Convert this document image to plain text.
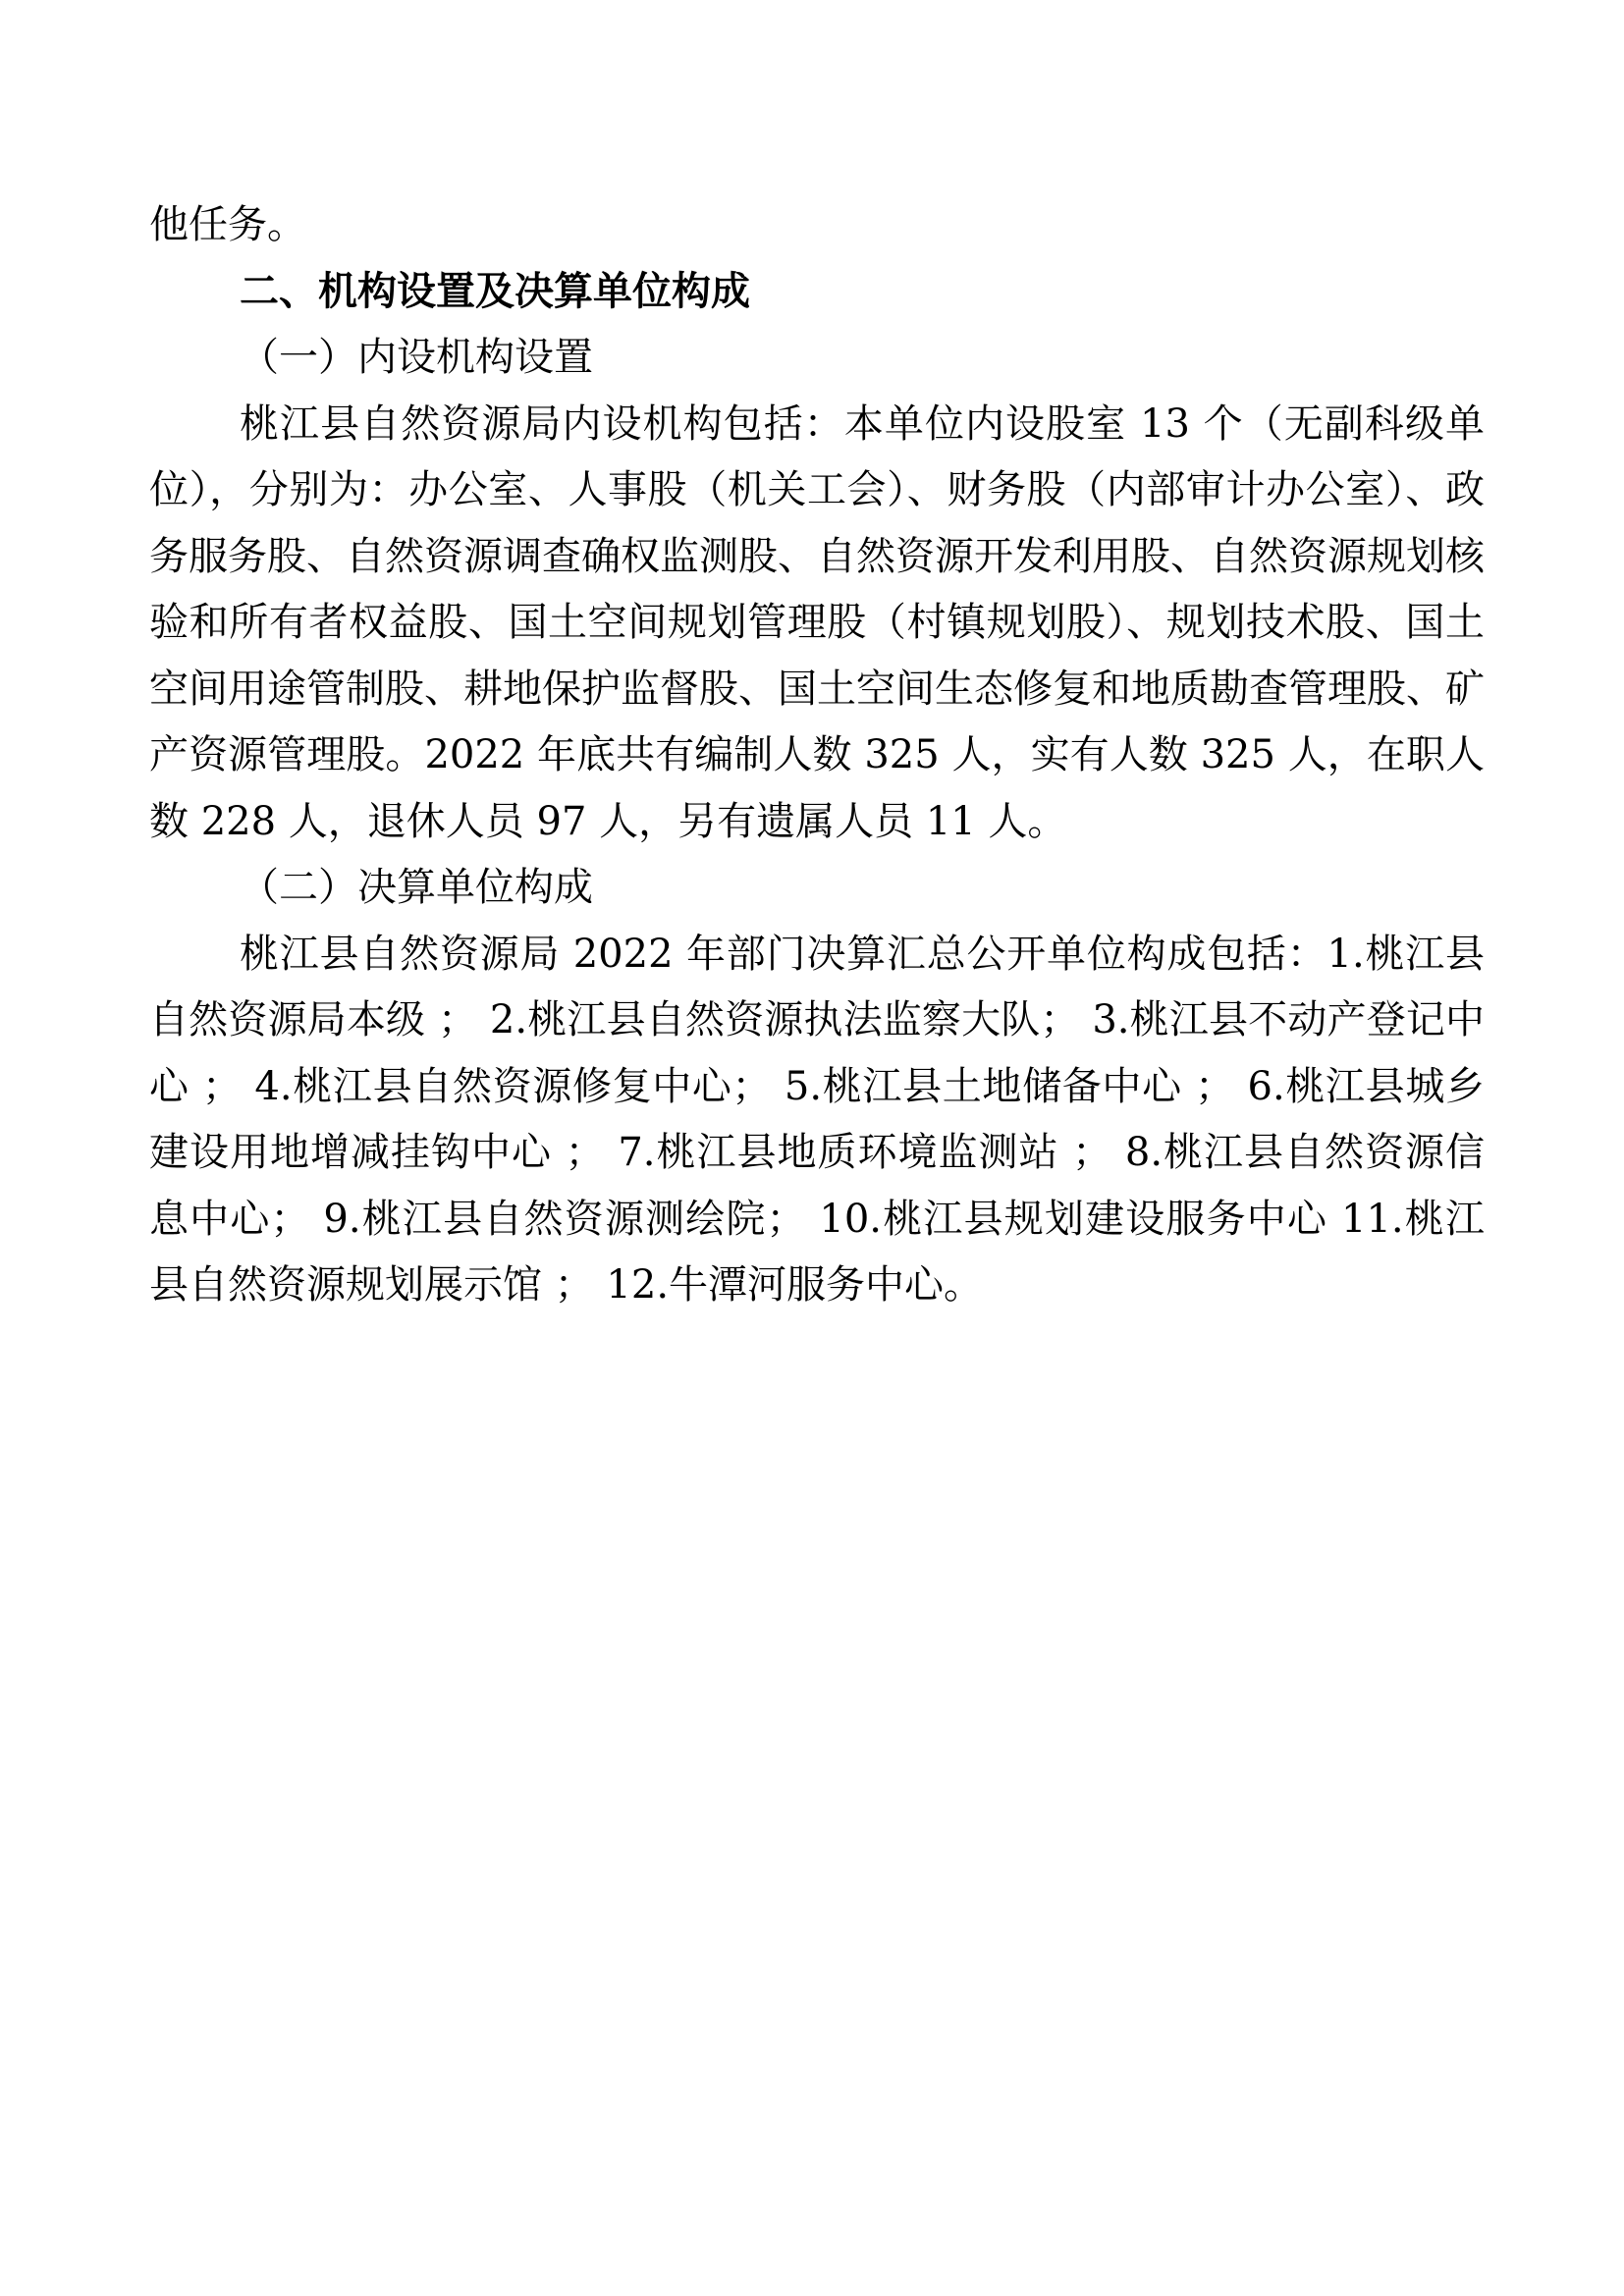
他任务。

二、机构设置及决算单位构成

（一）内设机构设置

桃江县自然资源局内设机构包括：本单位内设股室 13 个（无副科级单位），分别为：办公室、人事股（机关工会）、财务股（内部审计办公室）、政务服务股、自然资源调查确权监测股、自然资源开发利用股、自然资源规划核验和所有者权益股、国土空间规划管理股（村镇规划股）、规划技术股、国土空间用途管制股、耕地保护监督股、国土空间生态修复和地质勘查管理股、矿产资源管理股。2022 年底共有编制人数 325 人，实有人数 325 人，在职人数 228 人，退休人员 97 人，另有遗属人员 11 人。

（二）决算单位构成

桃江县自然资源局 2022 年部门决算汇总公开单位构成包括：1.桃江县自然资源局本级 ； 2.桃江县自然资源执法监察大队； 3.桃江县不动产登记中心 ； 4.桃江县自然资源修复中心； 5.桃江县土地储备中心 ； 6.桃江县城乡建设用地增减挂钩中心 ； 7.桃江县地质环境监测站 ； 8.桃江县自然资源信息中心； 9.桃江县自然资源测绘院； 10.桃江县规划建设服务中心 11.桃江县自然资源规划展示馆 ； 12.牛潭河服务中心。
